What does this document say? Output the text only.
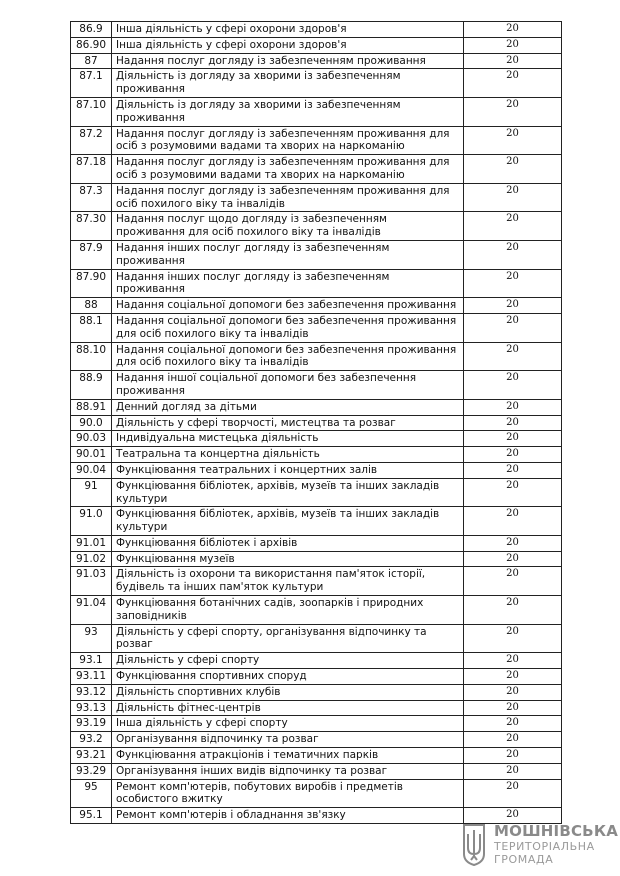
86.9	Інша діяльність у сфері охорони здоров'я	20
86.90	Інша діяльність у сфері охорони здоров'я	20
87	Надання послуг догляду із забезпеченням проживання	20
87.1	Діяльність із догляду за хворими із забезпеченням проживання	20
87.10	Діяльність із догляду за хворими із забезпеченням проживання	20
87.2	Надання послуг догляду із забезпеченням проживання для осіб з розумовими вадами та хворих на наркоманію	20
87.18	Надання послуг догляду із забезпеченням проживання для осіб з розумовими вадами та хворих на наркоманію	20
87.3	Надання послуг догляду із забезпеченням проживання для осіб похилого віку та інвалідів	20
87.30	Надання послуг щодо догляду із забезпеченням проживання для осіб похилого віку та інвалідів	20
87.9	Надання інших послуг догляду із забезпеченням проживання	20
87.90	Надання інших послуг догляду із забезпеченням проживання	20
88	Надання соціальної допомоги без забезпечення проживання	20
88.1	Надання соціальної допомоги без забезпечення проживання для осіб похилого віку та інвалідів	20
88.10	Надання соціальної допомоги без забезпечення проживання для осіб похилого віку та інвалідів	20
88.9	Надання іншої соціальної допомоги без забезпечення проживання	20
88.91	Денний догляд за дітьми	20
90.0	Діяльність у сфері творчості, мистецтва та розваг	20
90.03	Індивідуальна мистецька діяльність	20
90.01	Театральна та концертна діяльність	20
90.04	Функціювання театральних і концертних залів	20
91	Функціювання бібліотек, архівів, музеїв та інших закладів культури	20
91.0	Функціювання бібліотек, архівів, музеїв та інших закладів культури	20
91.01	Функціювання бібліотек і архівів	20
91.02	Функціювання музеїв	20
91.03	Діяльність із охорони та використання пам'яток історії, будівель та інших пам'яток культури	20
91.04	Функціювання ботанічних садів, зоопарків і природних заповідників	20
93	Діяльність у сфері спорту, організування відпочинку та розваг	20
93.1	Діяльність у сфері спорту	20
93.11	Функціювання спортивних споруд	20
93.12	Діяльність спортивних клубів	20
93.13	Діяльність фітнес-центрів	20
93.19	Інша діяльність у сфері спорту	20
93.2	Організування відпочинку та розваг	20
93.21	Функціювання атракціонів і тематичних парків	20
93.29	Організування інших видів відпочинку та розваг	20
95	Ремонт комп'ютерів, побутових виробів і предметів особистого вжитку	20
95.1	Ремонт комп'ютерів і обладнання зв'язку	20
МОШНІВСЬКА
ТЕРИТОРІАЛЬНА
ГРОМАДА
